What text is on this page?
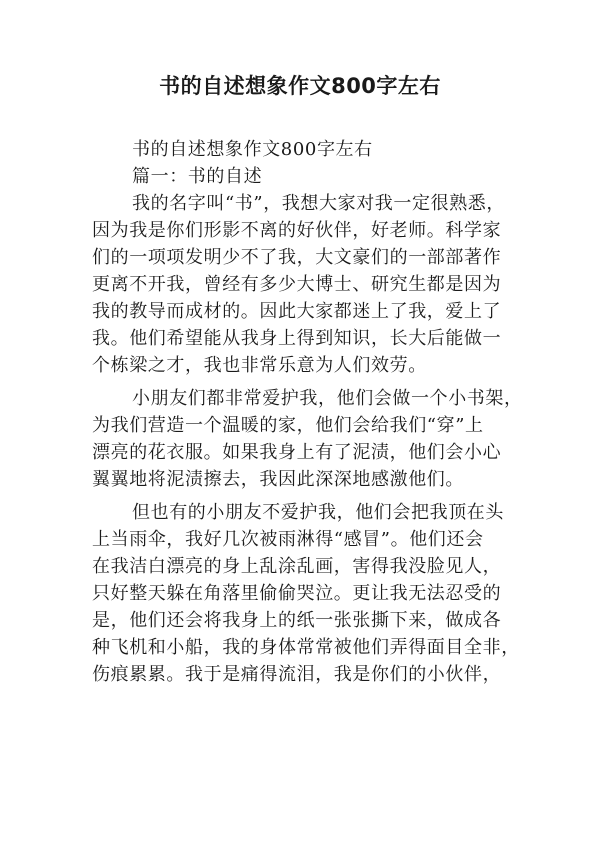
书的自述想象作文800字左右
书的自述想象作文800字左右
篇一：书的自述
我的名字叫“书”，我想大家对我一定很熟悉，
因为我是你们形影不离的好伙伴，好老师。科学家
们的一项项发明少不了我，大文豪们的一部部著作
更离不开我，曾经有多少大博士、研究生都是因为
我的教导而成材的。因此大家都迷上了我，爱上了
我。他们希望能从我身上得到知识，长大后能做一
个栋梁之才，我也非常乐意为人们效劳。
小朋友们都非常爱护我，他们会做一个小书架，
为我们营造一个温暖的家，他们会给我们“穿”上
漂亮的花衣服。如果我身上有了泥渍，他们会小心
翼翼地将泥渍擦去，我因此深深地感激他们。
但也有的小朋友不爱护我，他们会把我顶在头
上当雨伞，我好几次被雨淋得“感冒”。他们还会
在我洁白漂亮的身上乱涂乱画，害得我没脸见人，
只好整天躲在角落里偷偷哭泣。更让我无法忍受的
是，他们还会将我身上的纸一张张撕下来，做成各
种飞机和小船，我的身体常常被他们弄得面目全非，
伤痕累累。我于是痛得流泪，我是你们的小伙伴，
